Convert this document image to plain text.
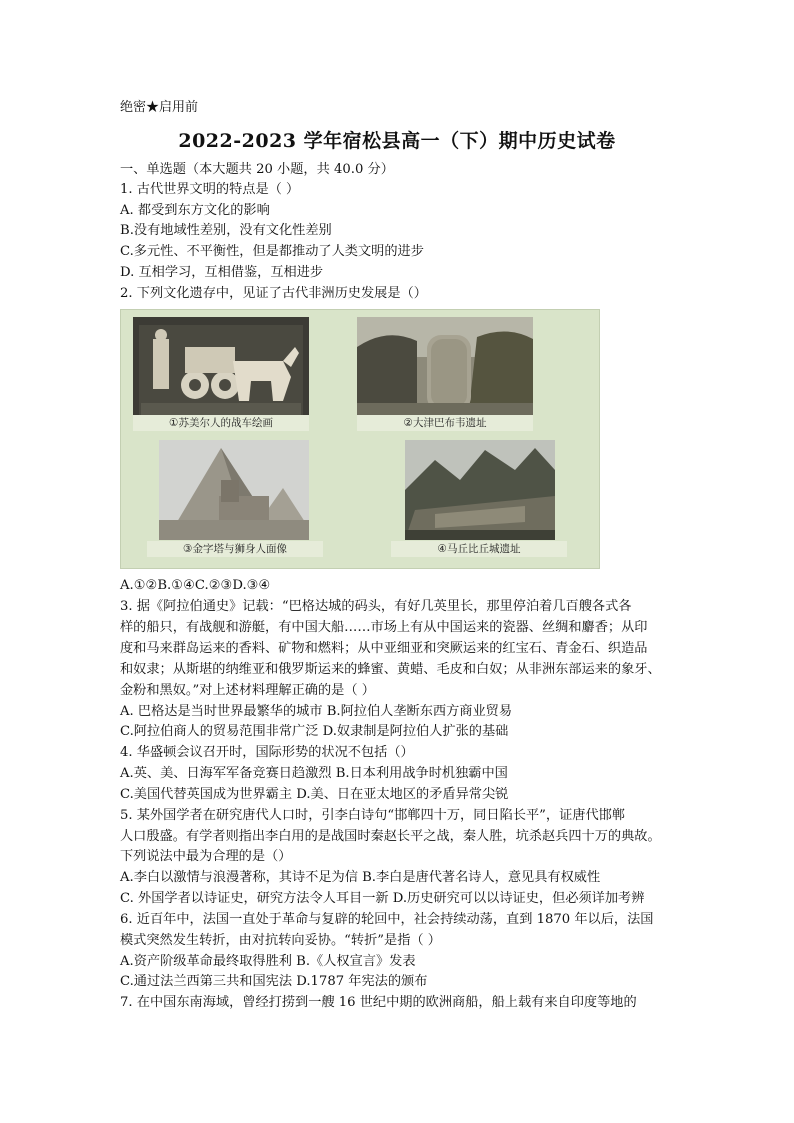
绝密★启用前
2022-2023 学年宿松县高一（下）期中历史试卷
一、单选题（本大题共 20 小题，共 40.0 分）
1. 古代世界文明的特点是（ ）
A. 都受到东方文化的影响
B.没有地域性差别，没有文化性差别
C.多元性、不平衡性，但是都推动了人类文明的进步
D. 互相学习，互相借鉴，互相进步
2. 下列文化遗存中，见证了古代非洲历史发展是（）
①苏美尔人的战车绘画	②大津巴布韦遗址
③金字塔与狮身人面像	④马丘比丘城遗址
A.①②B.①④C.②③D.③④
3. 据《阿拉伯通史》记载：“巴格达城的码头，有好几英里长，那里停泊着几百艘各式各
样的船只，有战舰和游艇，有中国大船……市场上有从中国运来的瓷器、丝绸和麝香；从印
度和马来群岛运来的香料、矿物和燃料；从中亚细亚和突厥运来的红宝石、青金石、织造品
和奴隶；从斯堪的纳维亚和俄罗斯运来的蜂蜜、黄蜡、毛皮和白奴；从非洲东部运来的象牙、
金粉和黑奴。”对上述材料理解正确的是（ ）
A. 巴格达是当时世界最繁华的城市 B.阿拉伯人垄断东西方商业贸易
C.阿拉伯商人的贸易范围非常广泛 D.奴隶制是阿拉伯人扩张的基础
4. 华盛顿会议召开时，国际形势的状况不包括（）
A.英、美、日海军军备竞赛日趋激烈 B.日本利用战争时机独霸中国
C.美国代替英国成为世界霸主 D.美、日在亚太地区的矛盾异常尖锐
5. 某外国学者在研究唐代人口时，引李白诗句“邯郸四十万，同日陷长平”，证唐代邯郸
人口殷盛。有学者则指出李白用的是战国时秦赵长平之战，秦人胜，坑杀赵兵四十万的典故。
下列说法中最为合理的是（）
A.李白以激情与浪漫著称，其诗不足为信 B.李白是唐代著名诗人，意见具有权威性
C. 外国学者以诗证史，研究方法令人耳目一新 D.历史研究可以以诗证史，但必须详加考辨
6. 近百年中，法国一直处于革命与复辟的轮回中，社会持续动荡，直到 1870 年以后，法国
模式突然发生转折，由对抗转向妥协。“转折”是指（ ）
A.资产阶级革命最终取得胜利 B.《人权宣言》发表
C.通过法兰西第三共和国宪法 D.1787 年宪法的颁布
7. 在中国东南海域，曾经打捞到一艘 16 世纪中期的欧洲商船，船上载有来自印度等地的
